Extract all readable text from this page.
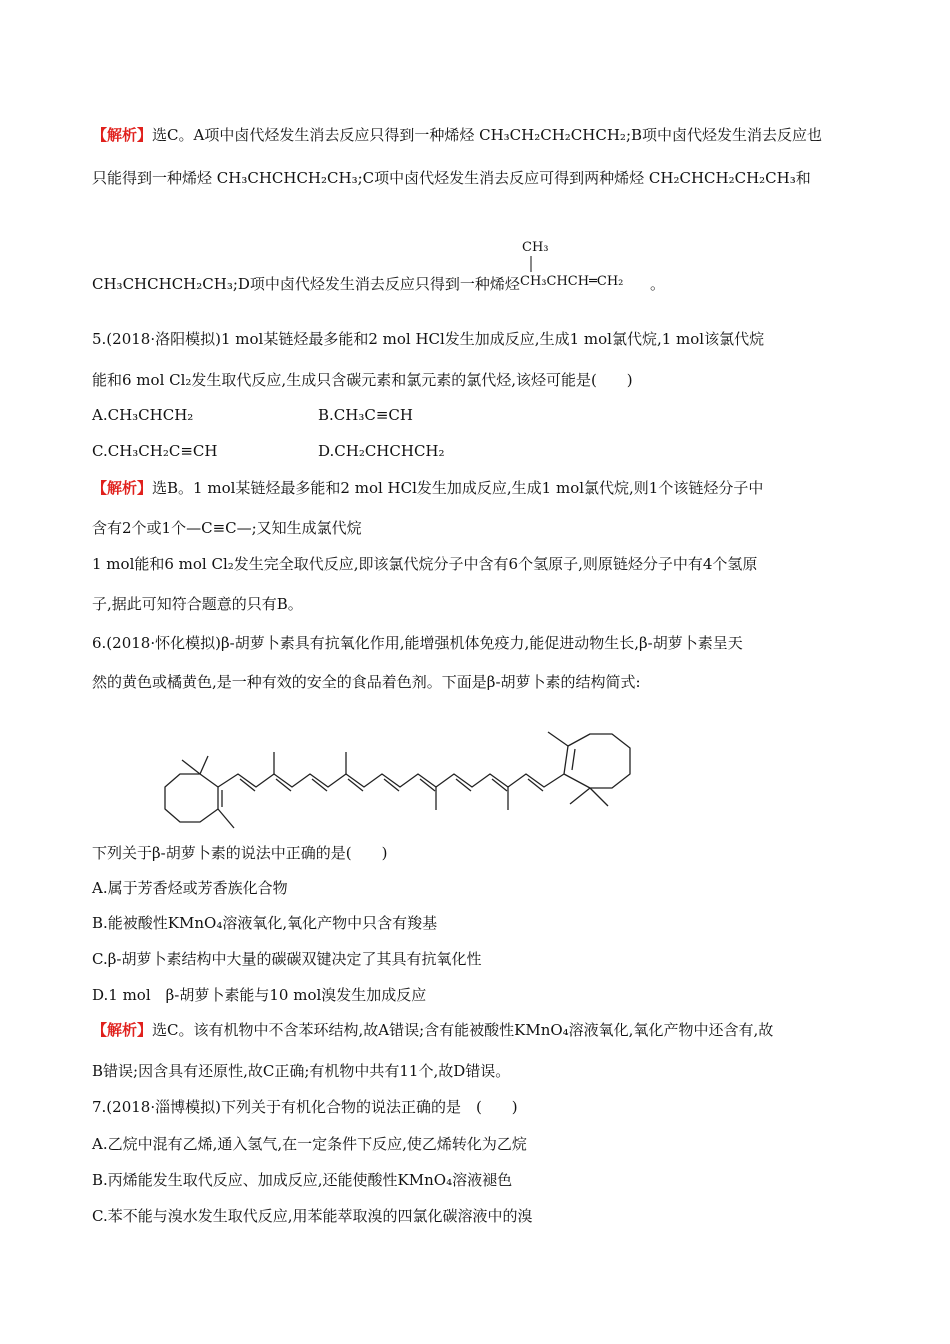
【解析】选C。A项中卤代烃发生消去反应只得到一种烯烃 CH₃CH₂CH₂CHCH₂;B项中卤代烃发生消去反应也
只能得到一种烯烃 CH₃CHCHCH₂CH₃;C项中卤代烃发生消去反应可得到两种烯烃 CH₂CHCH₂CH₂CH₃和
CH₃
CH₃CHCH═CH₂
CH₃CHCHCH₂CH₃;D项中卤代烃发生消去反应只得到一种烯烃	。
5.(2018·洛阳模拟)1 mol某链烃最多能和2 mol HCl发生加成反应,生成1 mol氯代烷,1 mol该氯代烷
能和6 mol Cl₂发生取代反应,生成只含碳元素和氯元素的氯代烃,该烃可能是(　　)
A.CH₃CHCH₂	B.CH₃C≡CH
C.CH₃CH₂C≡CH	D.CH₂CHCHCH₂
【解析】选B。1 mol某链烃最多能和2 mol HCl发生加成反应,生成1 mol氯代烷,则1个该链烃分子中
含有2个或1个—C≡C—;又知生成氯代烷
1 mol能和6 mol Cl₂发生完全取代反应,即该氯代烷分子中含有6个氢原子,则原链烃分子中有4个氢原
子,据此可知符合题意的只有B。
6.(2018·怀化模拟)β-胡萝卜素具有抗氧化作用,能增强机体免疫力,能促进动物生长,β-胡萝卜素呈天
然的黄色或橘黄色,是一种有效的安全的食品着色剂。下面是β-胡萝卜素的结构简式:
下列关于β-胡萝卜素的说法中正确的是(　　)
A.属于芳香烃或芳香族化合物
B.能被酸性KMnO₄溶液氧化,氧化产物中只含有羧基
C.β-胡萝卜素结构中大量的碳碳双键决定了其具有抗氧化性
D.1 mol　β-胡萝卜素能与10 mol溴发生加成反应
【解析】选C。该有机物中不含苯环结构,故A错误;含有能被酸性KMnO₄溶液氧化,氧化产物中还含有,故
B错误;因含具有还原性,故C正确;有机物中共有11个,故D错误。
7.(2018·淄博模拟)下列关于有机化合物的说法正确的是　(　　)
A.乙烷中混有乙烯,通入氢气,在一定条件下反应,使乙烯转化为乙烷
B.丙烯能发生取代反应、加成反应,还能使酸性KMnO₄溶液褪色
C.苯不能与溴水发生取代反应,用苯能萃取溴的四氯化碳溶液中的溴
